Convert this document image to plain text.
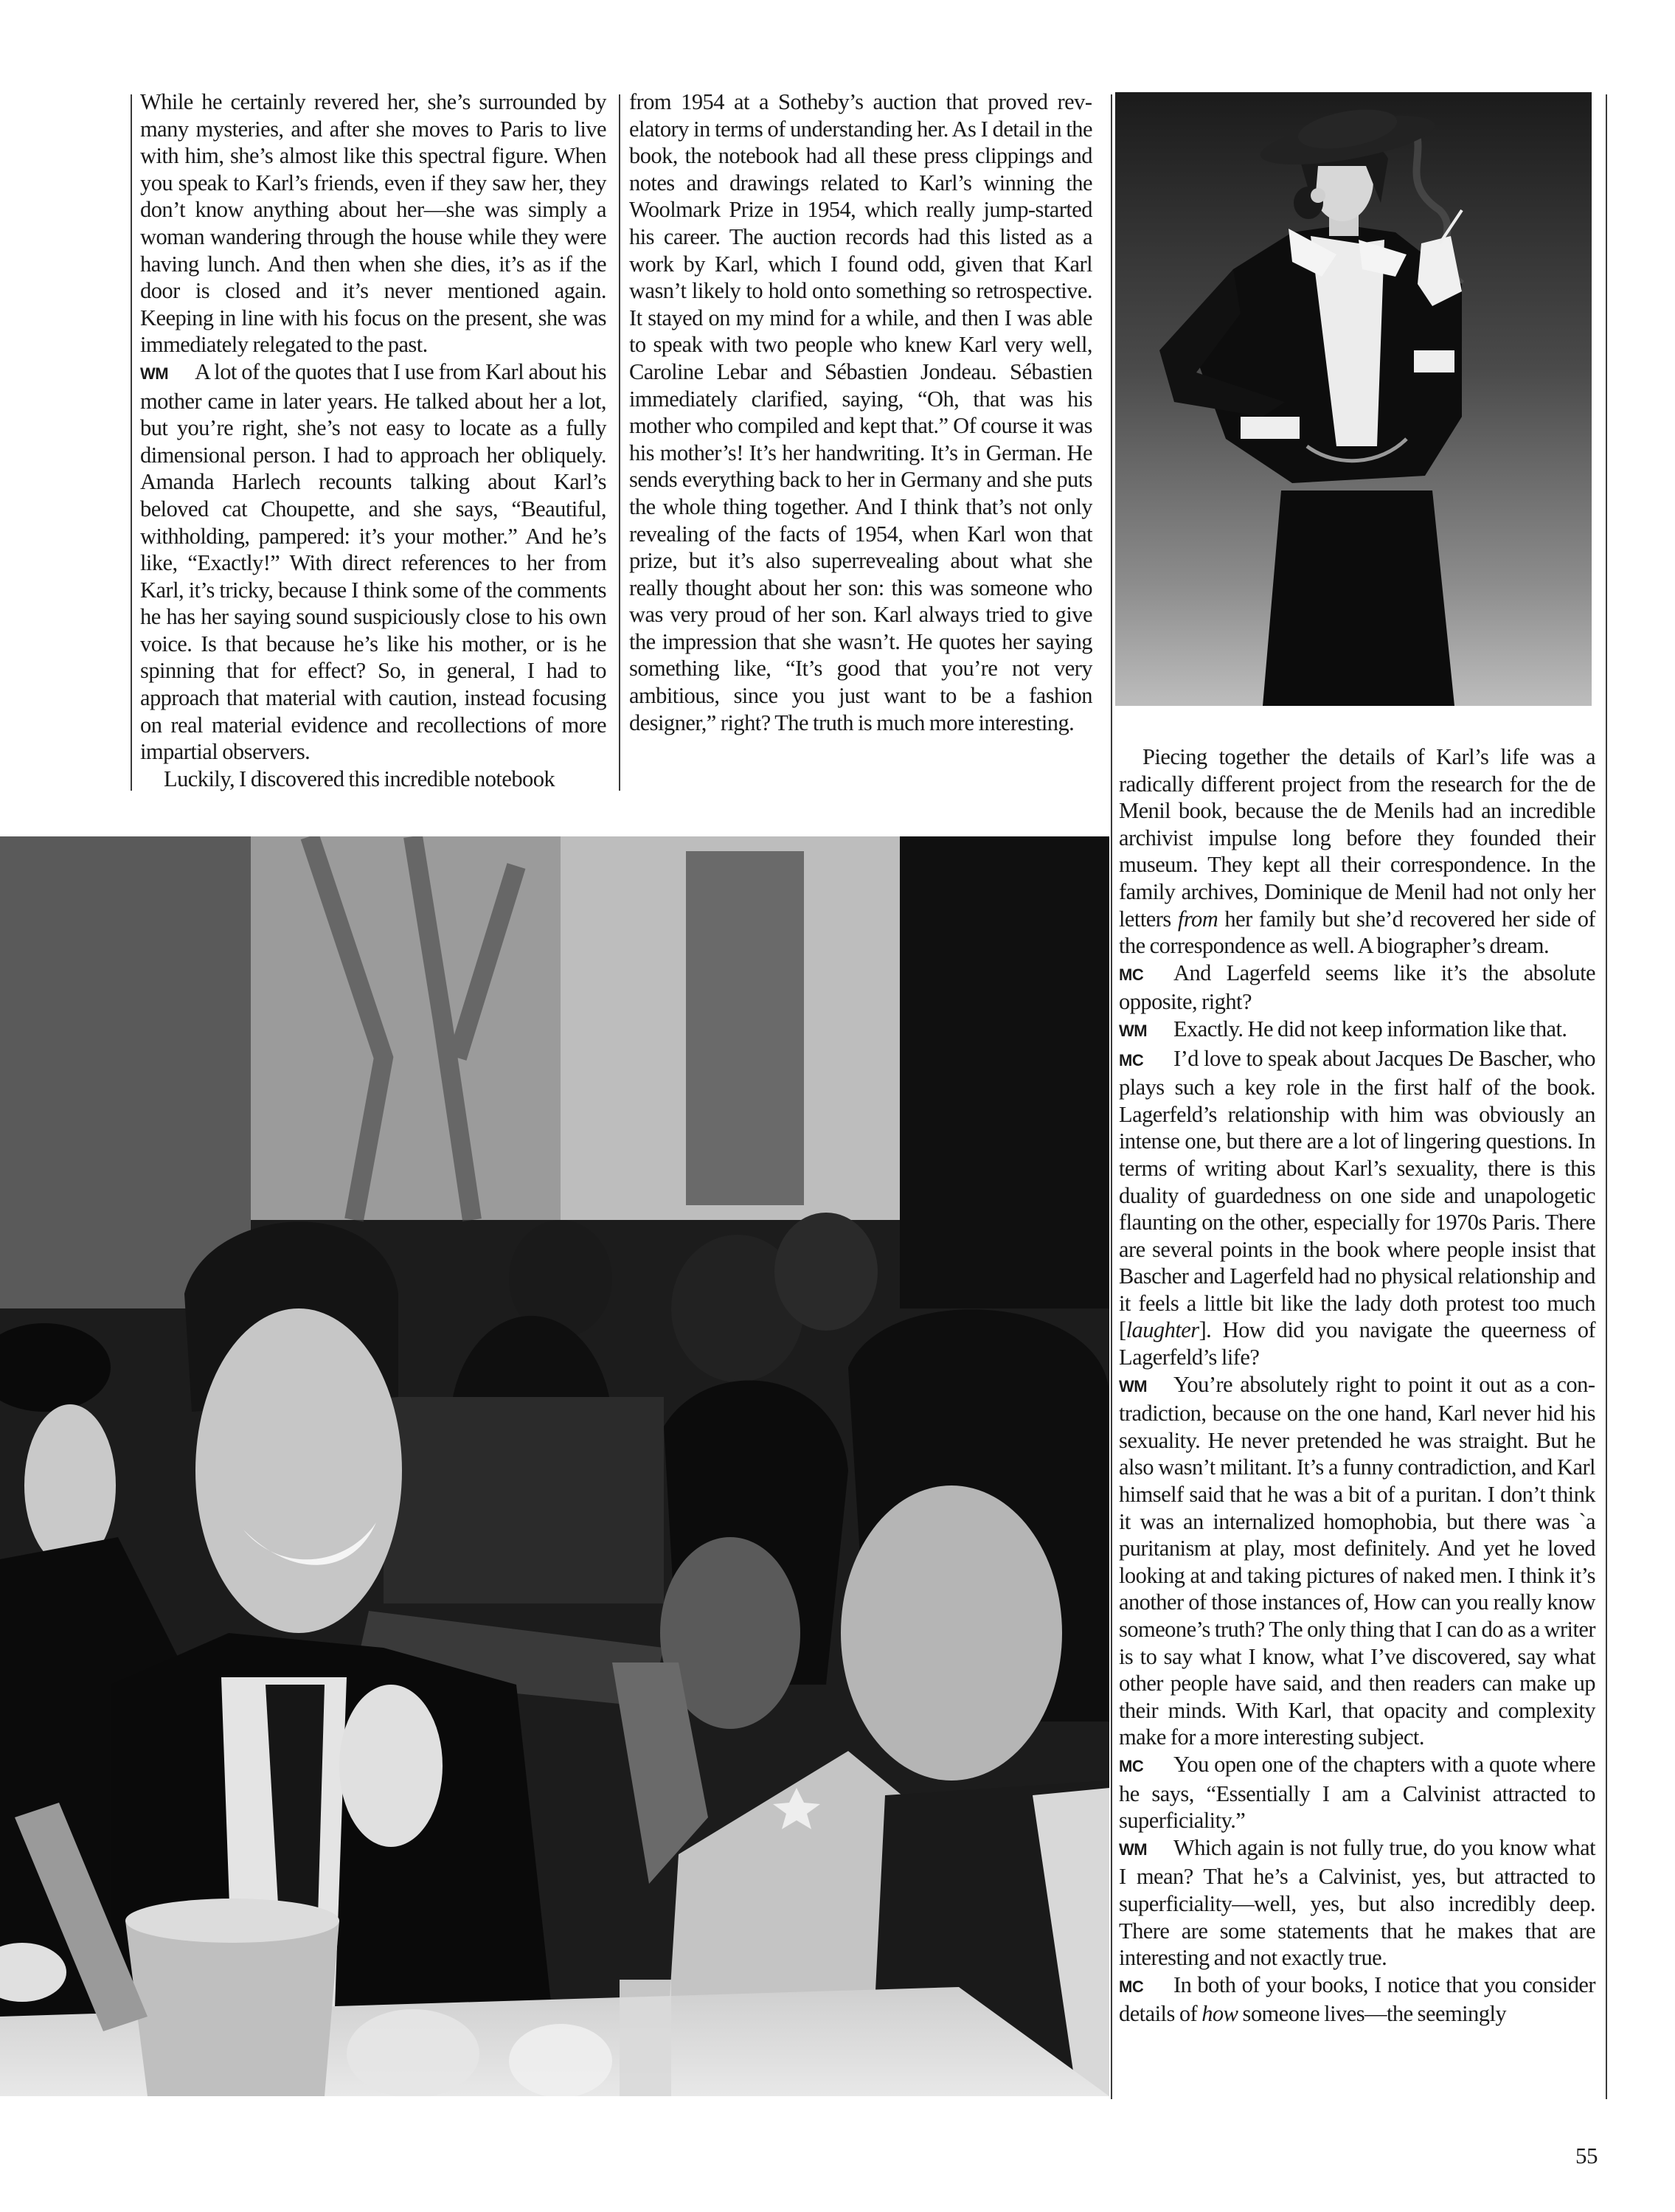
While he certainly revered her, she’s surrounded by many mysteries, and after she moves to Paris to live with him, she’s almost like this spectral figure. When you speak to Karl’s friends, even if they saw her, they don’t know anything about her—she was simply a woman wandering through the house while they were having lunch. And then when she dies, it’s as if the door is closed and it’s never mentioned again. Keeping in line with his focus on the present, she was immediately relegated to the past.

WM A lot of the quotes that I use from Karl about his mother came in later years. He talked about her a lot, but you’re right, she’s not easy to locate as a fully dimensional person. I had to approach her obliquely. Amanda Harlech recounts talking about Karl’s beloved cat Choupette, and she says, “Beautiful, withholding, pampered: it’s your mother.” And he’s like, “Exactly!” With direct references to her from Karl, it’s tricky, because I think some of the comments he has her saying sound suspiciously close to his own voice. Is that because he’s like his mother, or is he spinning that for effect? So, in general, I had to approach that material with caution, instead focusing on real material evidence and recollections of more impartial observers.

Luckily, I discovered this incredible notebook

from 1954 at a Sotheby’s auction that proved revelatory in terms of understanding her. As I detail in the book, the notebook had all these press clippings and notes and drawings related to Karl’s winning the Woolmark Prize in 1954, which really jump-started his career. The auction records had this listed as a work by Karl, which I found odd, given that Karl wasn’t likely to hold onto something so retrospective. It stayed on my mind for a while, and then I was able to speak with two people who knew Karl very well, Caroline Lebar and Sébastien Jondeau. Sébastien immediately clarified, saying, “Oh, that was his mother who compiled and kept that.” Of course it was his mother’s! It’s her handwriting. It’s in German. He sends everything back to her in Germany and she puts the whole thing together. And I think that’s not only revealing of the facts of 1954, when Karl won that prize, but it’s also superrevealing about what she really thought about her son: this was someone who was very proud of her son. Karl always tried to give the impression that she wasn’t. He quotes her saying something like, “It’s good that you’re not very ambitious, since you just want to be a fashion designer,” right? The truth is much more interesting.

Piecing together the details of Karl’s life was a radically different project from the research for the de Menil book, because the de Menils had an incredible archivist impulse long before they founded their museum. They kept all their correspondence. In the family archives, Dominique de Menil had not only her letters from her family but she’d recovered her side of the correspondence as well. A biographer’s dream.

MC And Lagerfeld seems like it’s the absolute opposite, right?

WM Exactly. He did not keep information like that.

MC I’d love to speak about Jacques De Bascher, who plays such a key role in the first half of the book. Lagerfeld’s relationship with him was obviously an intense one, but there are a lot of lingering questions. In terms of writing about Karl’s sexuality, there is this duality of guardedness on one side and unapologetic flaunting on the other, especially for 1970s Paris. There are several points in the book where people insist that Bascher and Lagerfeld had no physical relationship and it feels a little bit like the lady doth protest too much [laughter]. How did you navigate the queerness of Lagerfeld’s life?

WM You’re absolutely right to point it out as a contradiction, because on the one hand, Karl never hid his sexuality. He never pretended he was straight. But he also wasn’t militant. It’s a funny contradiction, and Karl himself said that he was a bit of a puritan. I don’t think it was an internalized homophobia, but there was `a puritanism at play, most definitely. And yet he loved looking at and taking pictures of naked men. I think it’s another of those instances of, How can you really know someone’s truth? The only thing that I can do as a writer is to say what I know, what I’ve discovered, say what other people have said, and then readers can make up their minds. With Karl, that opacity and complexity make for a more interesting subject.

MC You open one of the chapters with a quote where he says, “Essentially I am a Calvinist attracted to superficiality.”

WM Which again is not fully true, do you know what I mean? That he’s a Calvinist, yes, but attracted to superficiality—well, yes, but also incredibly deep. There are some statements that he makes that are interesting and not exactly true.

MC In both of your books, I notice that you consider details of how someone lives—the seemingly

55
